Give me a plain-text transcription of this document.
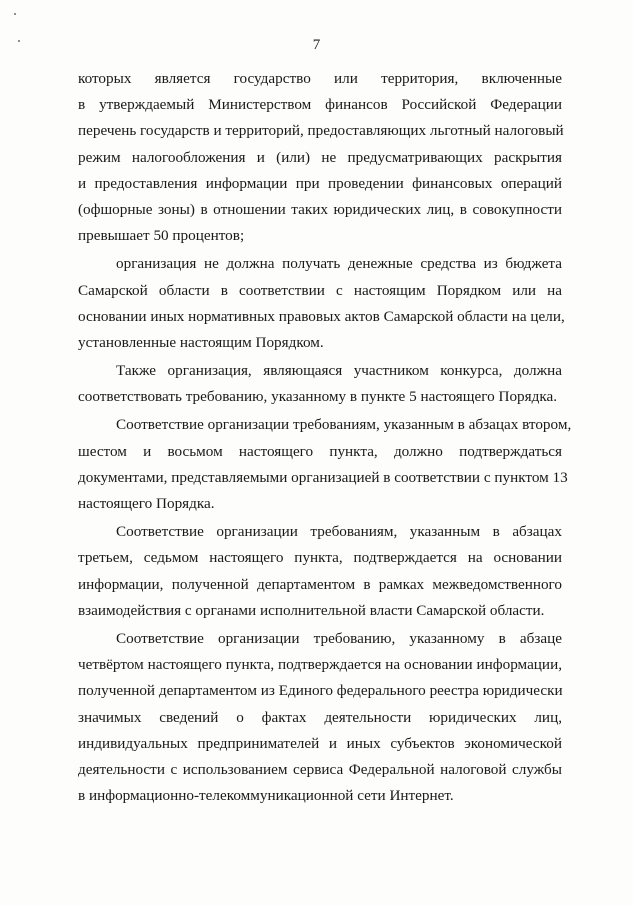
7
которых является государство или территория, включенные
в утверждаемый Министерством финансов Российской Федерации
перечень государств и территорий, предоставляющих льготный налоговый
режим налогообложения и (или) не предусматривающих раскрытия
и предоставления информации при проведении финансовых операций
(офшорные зоны) в отношении таких юридических лиц, в совокупности
превышает 50 процентов;
организация не должна получать денежные средства из бюджета
Самарской области в соответствии с настоящим Порядком или на
основании иных нормативных правовых актов Самарской области на цели,
установленные настоящим Порядком.
Также организация, являющаяся участником конкурса, должна
соответствовать требованию, указанному в пункте 5 настоящего Порядка.
Соответствие организации требованиям, указанным в абзацах втором,
шестом и восьмом настоящего пункта, должно подтверждаться
документами, представляемыми организацией в соответствии с пунктом 13
настоящего Порядка.
Соответствие организации требованиям, указанным в абзацах
третьем, седьмом настоящего пункта, подтверждается на основании
информации, полученной департаментом в рамках межведомственного
взаимодействия с органами исполнительной власти Самарской области.
Соответствие организации требованию, указанному в абзаце
четвёртом настоящего пункта, подтверждается на основании информации,
полученной департаментом из Единого федерального реестра юридически
значимых сведений о фактах деятельности юридических лиц,
индивидуальных предпринимателей и иных субъектов экономической
деятельности с использованием сервиса Федеральной налоговой службы
в информационно-телекоммуникационной сети Интернет.
